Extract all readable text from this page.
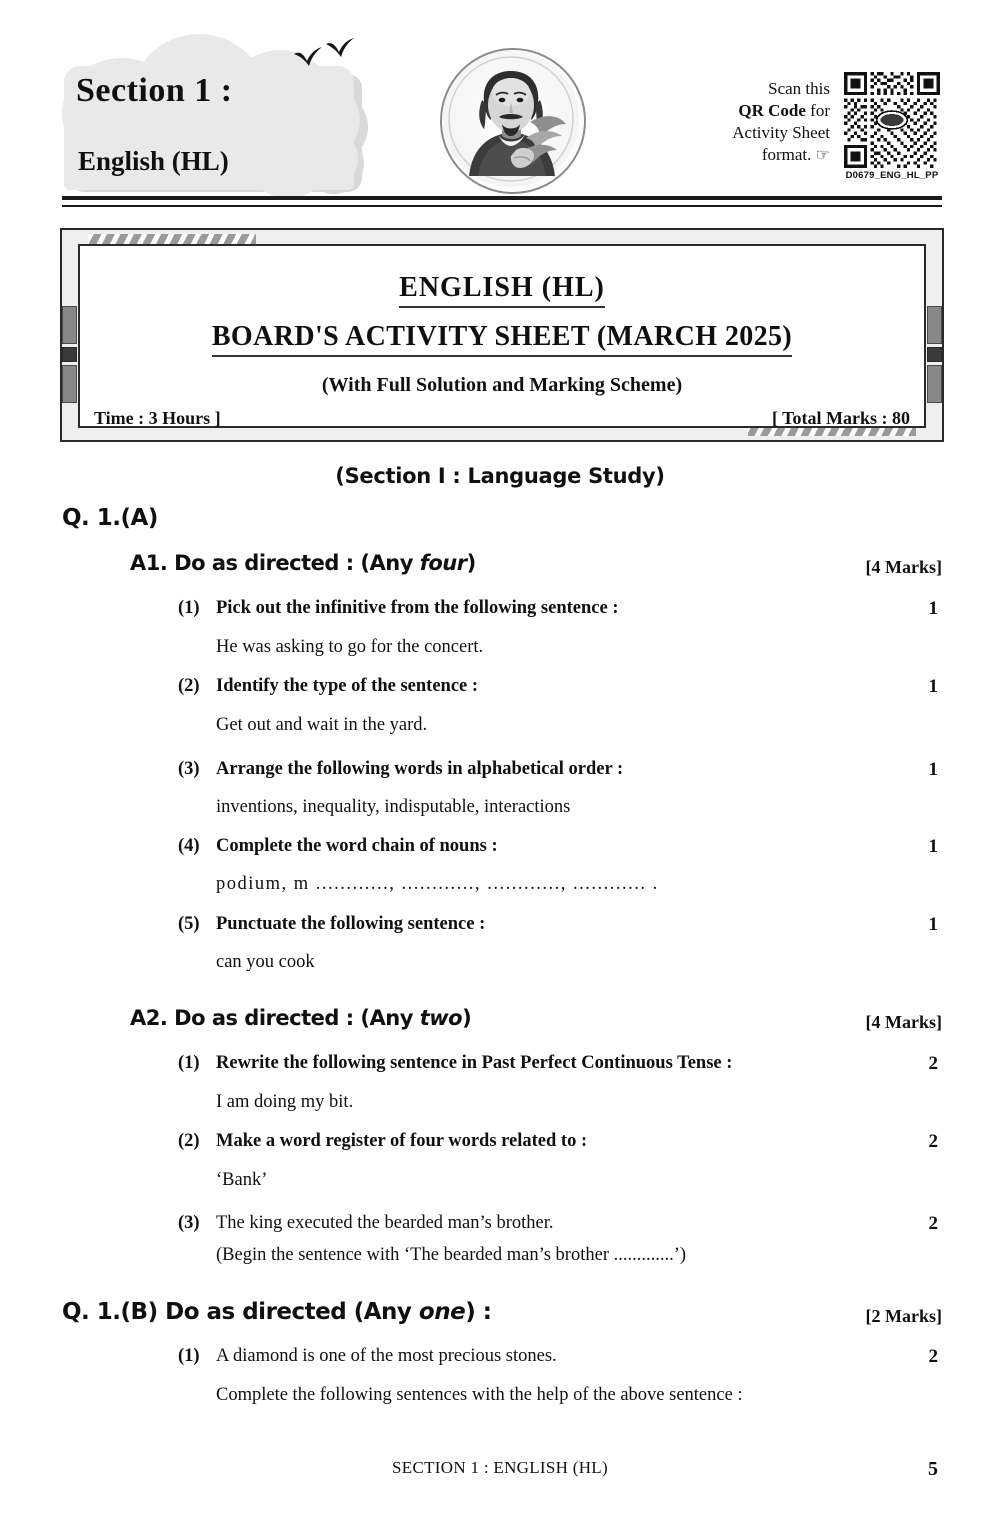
Section 1 :
English (HL)
Scan this
QR Code for
Activity Sheet
format. ☞
D0679_ENG_HL_PP
ENGLISH (HL)
BOARD'S ACTIVITY SHEET (MARCH 2025)
(With Full Solution and Marking Scheme)
Time : 3 Hours ]	[ Total Marks : 80
(Section I : Language Study)
Q. 1.(A)
A1. Do as directed : (Any four)	[4 Marks]
(1) Pick out the infinitive from the following sentence :	1
He was asking to go for the concert.
(2) Identify the type of the sentence :	1
Get out and wait in the yard.
(3) Arrange the following words in alphabetical order :	1
inventions, inequality, indisputable, interactions
(4) Complete the word chain of nouns :	1
podium, m ............, ............, ............, ............ .
(5) Punctuate the following sentence :	1
can you cook
A2. Do as directed : (Any two)	[4 Marks]
(1) Rewrite the following sentence in Past Perfect Continuous Tense :	2
I am doing my bit.
(2) Make a word register of four words related to :	2
‘Bank’
(3) The king executed the bearded man’s brother.	2
(Begin the sentence with ‘The bearded man’s brother .............’)
Q. 1.(B) Do as directed (Any one) :	[2 Marks]
(1) A diamond is one of the most precious stones.	2
Complete the following sentences with the help of the above sentence :
SECTION 1 : ENGLISH (HL)	5
